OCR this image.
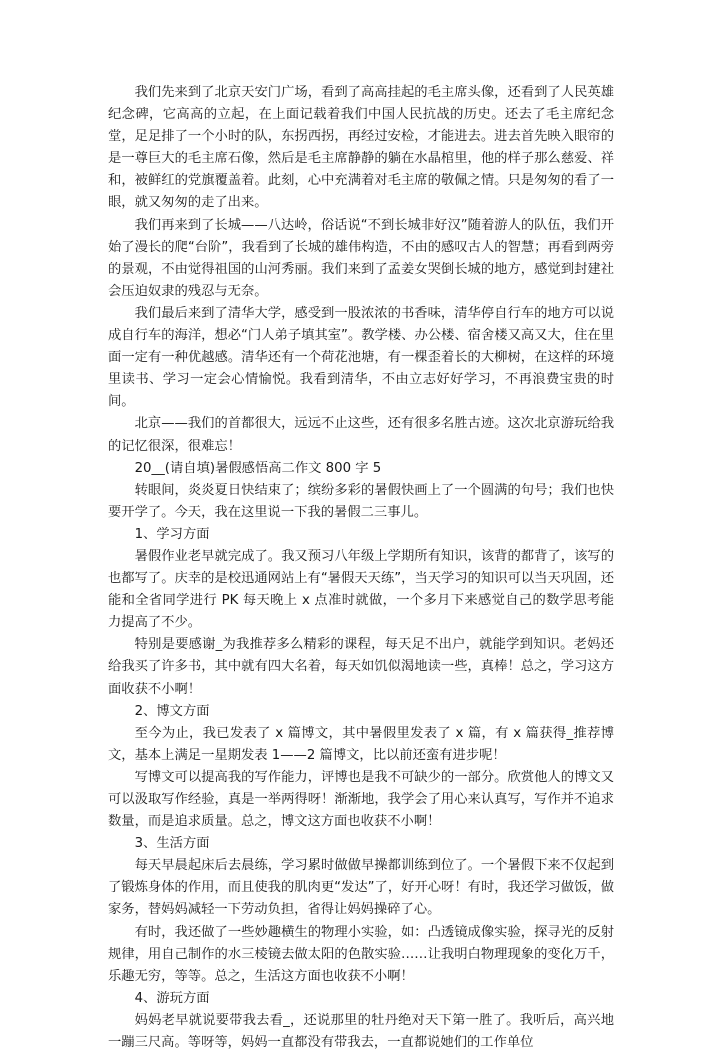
我们先来到了北京天安门广场，看到了高高挂起的毛主席头像，还看到了人民英雄纪念碑，它高高的立起，在上面记载着我们中国人民抗战的历史。还去了毛主席纪念堂，足足排了一个小时的队，东拐西拐，再经过安检，才能进去。进去首先映入眼帘的是一尊巨大的毛主席石像，然后是毛主席静静的躺在水晶棺里，他的样子那么慈爱、祥和，被鲜红的党旗覆盖着。此刻，心中充满着对毛主席的敬佩之情。只是匆匆的看了一眼，就又匆匆的走了出来。

我们再来到了长城——八达岭，俗话说“不到长城非好汉”随着游人的队伍，我们开始了漫长的爬“台阶”，我看到了长城的雄伟构造，不由的感叹古人的智慧；再看到两旁的景观，不由觉得祖国的山河秀丽。我们来到了孟姜女哭倒长城的地方，感觉到封建社会压迫奴隶的残忍与无奈。

我们最后来到了清华大学，感受到一股浓浓的书香味，清华停自行车的地方可以说成自行车的海洋，想必“门人弟子填其室”。教学楼、办公楼、宿舍楼又高又大，住在里面一定有一种优越感。清华还有一个荷花池塘，有一棵歪着长的大柳树，在这样的环境里读书、学习一定会心情愉悦。我看到清华，不由立志好好学习，不再浪费宝贵的时间。

北京——我们的首都很大，远远不止这些，还有很多名胜古迹。这次北京游玩给我的记忆很深，很难忘！

20__(请自填)暑假感悟高二作文 800 字 5

转眼间，炎炎夏日快结束了；缤纷多彩的暑假快画上了一个圆满的句号；我们也快要开学了。今天，我在这里说一下我的暑假二三事儿。

1、学习方面

暑假作业老早就完成了。我又预习八年级上学期所有知识，该背的都背了，该写的也都写了。庆幸的是校迅通网站上有“暑假天天练”，当天学习的知识可以当天巩固，还能和全省同学进行 PK 每天晚上 x 点准时就做，一个多月下来感觉自己的数学思考能力提高了不少。

特别是要感谢_为我推荐多么精彩的课程，每天足不出户，就能学到知识。老妈还给我买了许多书，其中就有四大名着，每天如饥似渴地读一些，真棒！总之，学习这方面收获不小啊！

2、博文方面

至今为止，我已发表了 x 篇博文，其中暑假里发表了 x 篇，有 x 篇获得_推荐博文，基本上满足一星期发表 1——2 篇博文，比以前还蛮有进步呢！

写博文可以提高我的写作能力，评博也是我不可缺少的一部分。欣赏他人的博文又可以汲取写作经验，真是一举两得呀！渐渐地，我学会了用心来认真写，写作并不追求数量，而是追求质量。总之，博文这方面也收获不小啊！

3、生活方面

每天早晨起床后去晨练，学习累时做做早操都训练到位了。一个暑假下来不仅起到了锻炼身体的作用，而且使我的肌肉更“发达”了，好开心呀！有时，我还学习做饭，做家务，替妈妈减轻一下劳动负担，省得让妈妈操碎了心。

有时，我还做了一些妙趣横生的物理小实验，如：凸透镜成像实验，探寻光的反射规律，用自己制作的水三棱镜去做太阳的色散实验……让我明白物理现象的变化万千，乐趣无穷，等等。总之，生活这方面也收获不小啊！

4、游玩方面

妈妈老早就说要带我去看_，还说那里的牡丹绝对天下第一胜了。我听后，高兴地一蹦三尺高。等呀等，妈妈一直都没有带我去，一直都说她们的工作单位
